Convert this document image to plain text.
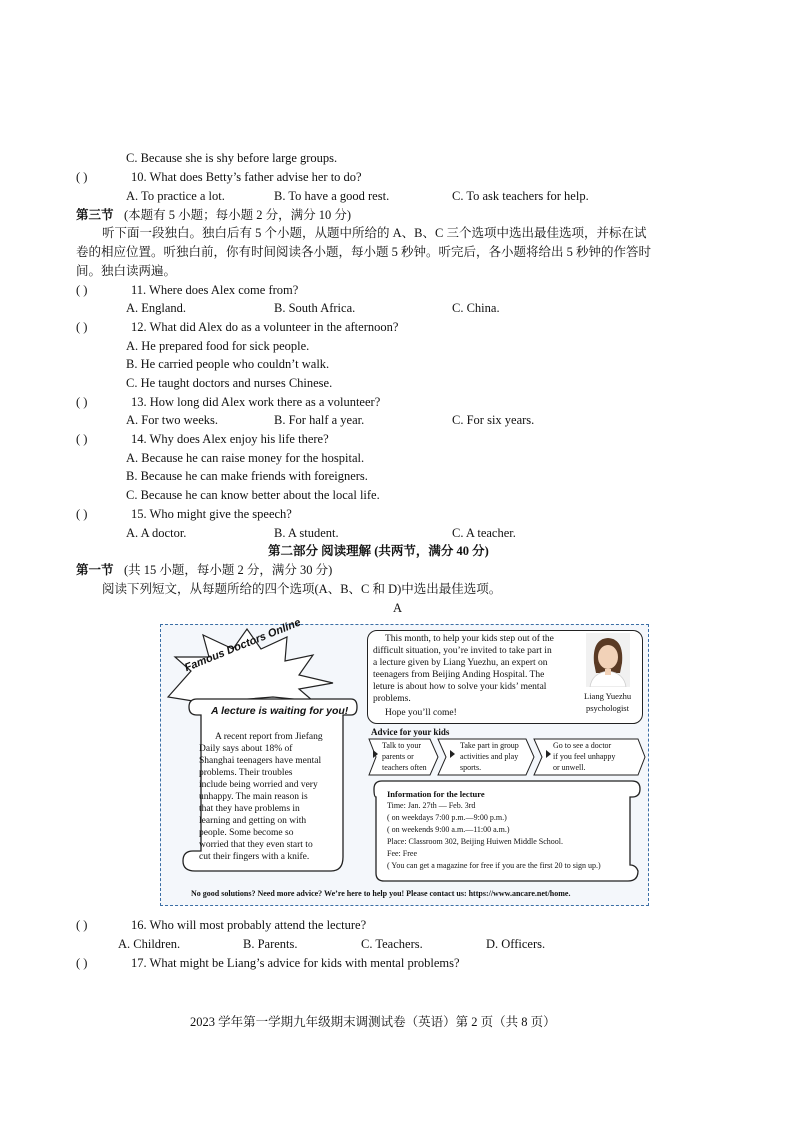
C. Because she is shy before large groups.
( )	10. What does Betty’s father advise her to do?
A. To practice a lot.	B. To have a good rest.	C. To ask teachers for help.
第三节 (本题有 5 小题；每小题 2 分，满分 10 分)
听下面一段独白。独白后有 5 个小题，从题中所给的 A、B、C 三个选项中选出最佳选项，并标在试
卷的相应位置。听独白前，你有时间阅读各小题，每小题 5 秒钟。听完后，各小题将给出 5 秒钟的作答时
间。独白读两遍。
( )	11. Where does Alex come from?
A. England.	B. South Africa.	C. China.
( )	12. What did Alex do as a volunteer in the afternoon?
A. He prepared food for sick people.
B. He carried people who couldn’t walk.
C. He taught doctors and nurses Chinese.
( )	13. How long did Alex work there as a volunteer?
A. For two weeks.	B. For half a year.	C. For six years.
( )	14. Why does Alex enjoy his life there?
A. Because he can raise money for the hospital.
B. Because he can make friends with foreigners.
C. Because he can know better about the local life.
( )	15. Who might give the speech?
A. A doctor.	B. A student.	C. A teacher.
第二部分 阅读理解 (共两节，满分 40 分)
第一节 (共 15 小题，每小题 2 分，满分 30 分)
阅读下列短文，从每题所给的四个选项(A、B、C 和 D)中选出最佳选项。
A
Famous Doctors Online
A lecture is waiting for you!
A recent report from Jiefang
Daily says about 18% of
Shanghai teenagers have mental
problems. Their troubles
include being worried and very
unhappy. The main reason is
that they have problems in
learning and getting on with
people. Some become so
worried that they even start to
cut their fingers with a knife.
This month, to help your kids step out of the
difficult situation, you’re invited to take part in
a lecture given by Liang Yuezhu, an expert on
teenagers from Beijing Anding Hospital. The
leture is about how to solve your kids’ mental
problems.
Hope you’ll come!
Liang Yuezhu
psychologist
Advice for your kids
Talk to your
parents or
teachers often
Take part in group
activities and play
sports.
Go to see a doctor
if you feel unhappy
or unwell.
Information for the lecture
Time: Jan. 27th — Feb. 3rd
( on weekdays 7:00 p.m.—9:00 p.m.)
( on weekends 9:00 a.m.—11:00 a.m.)
Place: Classroom 302, Beijing Huiwen Middle School.
Fee: Free
( You can get a magazine for free if you are the first 20 to sign up.)
No good solutions? Need more advice? We’re here to help you! Please contact us: https://www.ancare.net/home.
( )	16. Who will most probably attend the lecture?
A. Children.	B. Parents.	C. Teachers.	D. Officers.
( )	17. What might be Liang’s advice for kids with mental problems?
2023 学年第一学期九年级期末调测试卷（英语）第 2 页（共 8 页）
